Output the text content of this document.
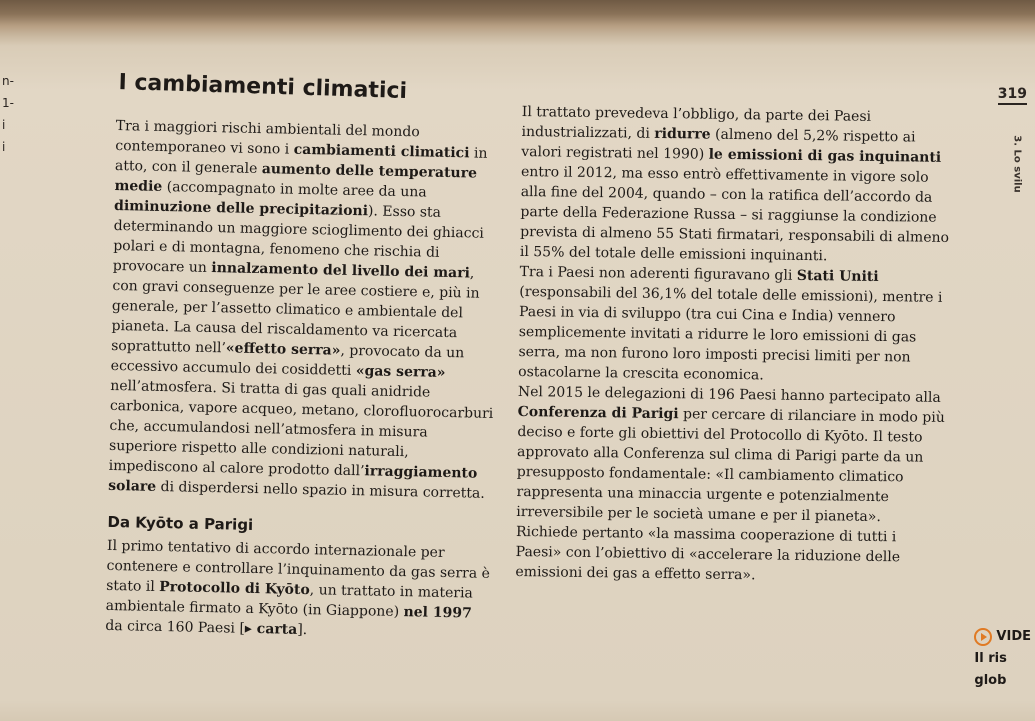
n-
1-
i
i
319
3. Lo svilu
I cambiamenti climatici

Tra i maggiori rischi ambientali del mondo contemporaneo vi sono i cambiamenti climatici in atto, con il generale aumento delle temperature medie (accompagnato in molte aree da una diminuzione delle precipitazioni). Esso sta determinando un maggiore scioglimento dei ghiacci polari e di montagna, fenomeno che rischia di provocare un innalzamento del livello dei mari, con gravi conseguenze per le aree costiere e, più in generale, per l’assetto climatico e ambientale del pianeta. La causa del riscaldamento va ricercata soprattutto nell’«effetto serra», provocato da un eccessivo accumulo dei cosiddetti «gas serra» nell’atmosfera. Si tratta di gas quali anidride carbonica, vapore acqueo, metano, clorofluorocarburi che, accumulandosi nell’atmosfera in misura superiore rispetto alle condizioni naturali, impediscono al calore prodotto dall’irraggiamento solare di disperdersi nello spazio in misura corretta.

Da Kyōto a Parigi

Il primo tentativo di accordo internazionale per contenere e controllare l’inquinamento da gas serra è stato il Protocollo di Kyōto, un trattato in materia ambientale firmato a Kyōto (in Giappone) nel 1997 da circa 160 Paesi [▸ carta].

Il trattato prevedeva l’obbligo, da parte dei Paesi industrializzati, di ridurre (almeno del 5,2% rispetto ai valori registrati nel 1990) le emissioni di gas inquinanti entro il 2012, ma esso entrò effettivamente in vigore solo alla fine del 2004, quando – con la ratifica dell’accordo da parte della Federazione Russa – si raggiunse la condizione prevista di almeno 55 Stati firmatari, responsabili di almeno il 55% del totale delle emissioni inquinanti.

Tra i Paesi non aderenti figuravano gli Stati Uniti (responsabili del 36,1% del totale delle emissioni), mentre i Paesi in via di sviluppo (tra cui Cina e India) vennero semplicemente invitati a ridurre le loro emissioni di gas serra, ma non furono loro imposti precisi limiti per non ostacolarne la crescita economica.

Nel 2015 le delegazioni di 196 Paesi hanno partecipato alla Conferenza di Parigi per cercare di rilanciare in modo più deciso e forte gli obiettivi del Protocollo di Kyōto. Il testo approvato alla Conferenza sul clima di Parigi parte da un presupposto fondamentale: «Il cambiamento climatico rappresenta una minaccia urgente e potenzialmente irreversibile per le società umane e per il pianeta». Richiede pertanto «la massima cooperazione di tutti i Paesi» con l’obiettivo di «accelerare la riduzione delle emissioni dei gas a effetto serra».

VIDE
Il ris
glob
